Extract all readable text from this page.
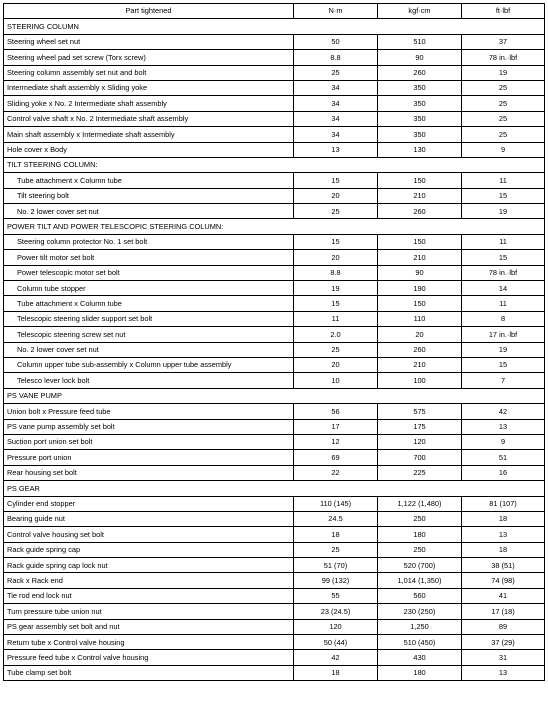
Part tightened	N·m	kgf·cm	ft·lbf
STEERING COLUMN			
Steering wheel set nut	50	510	37
Steering wheel pad set screw (Torx screw)	8.8	90	78 in.·lbf
Steering column assembly set nut and bolt	25	260	19
Intermediate shaft assembly x Sliding yoke	34	350	25
Sliding yoke x No. 2 Intermediate shaft assembly	34	350	25
Control valve shaft x No. 2 Intermediate shaft assembly	34	350	25
Main shaft assembly x Intermediate shaft assembly	34	350	25
Hole cover x Body	13	130	9
TILT STEERING COLUMN:			
Tube attachment x Column tube	15	150	11
Tilt steering bolt	20	210	15
No. 2 lower cover set nut	25	260	19
POWER TILT AND POWER TELESCOPIC STEERING COLUMN:			
Steering column protector No. 1 set bolt	15	150	11
Power tilt motor set bolt	20	210	15
Power telescopic motor set bolt	8.8	90	78 in.·lbf
Column tube stopper	19	190	14
Tube attachment x Column tube	15	150	11
Telescopic steering slider support set bolt	11	110	8
Telescopic steering screw set nut	2.0	20	17 in.·lbf
No. 2 lower cover set nut	25	260	19
Column upper tube sub-assembly x Column upper tube assembly	20	210	15
Telesco lever lock bolt	10	100	7
PS VANE PUMP			
Union bolt x Pressure feed tube	56	575	42
PS vane pump assembly set bolt	17	175	13
Suction port union set bolt	12	120	9
Pressure port union	69	700	51
Rear housing set bolt	22	225	16
PS GEAR			
Cylinder end stopper	110 (145)	1,122 (1,480)	81 (107)
Bearing guide nut	24.5	250	18
Control valve housing set bolt	18	180	13
Rack guide spring cap	25	250	18
Rack guide spring cap lock nut	51 (70)	520 (700)	38 (51)
Rack x Rack end	99 (132)	1,014 (1,350)	74 (98)
Tie rod end lock nut	55	560	41
Turn pressure tube union nut	23 (24.5)	230 (250)	17 (18)
PS gear assembly set bolt and nut	120	1,250	89
Return tube x Control valve housing	50 (44)	510 (450)	37 (29)
Pressure feed tube x Control valve housing	42	430	31
Tube clamp set bolt	18	180	13
